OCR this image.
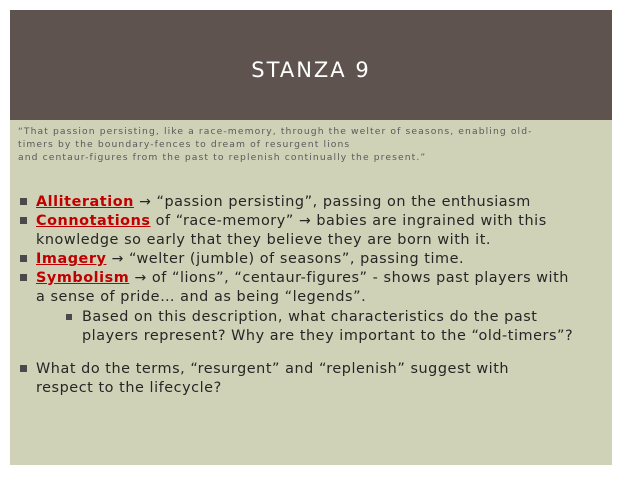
STANZA 9
“That passion persisting, like a race-memory, through the welter of seasons, enabling old-
timers by the boundary-fences to dream of resurgent lions
and centaur-figures from the past to replenish continually the present.”
Alliteration → “passion persisting”, passing on the enthusiasm
Connotations of “race-memory” → babies are ingrained with this
knowledge so early that they believe they are born with it.
Imagery → “welter (jumble) of seasons”, passing time.
Symbolism → of “lions”, “centaur-figures” - shows past players with
a sense of pride… and as being “legends”.
Based on this description, what characteristics do the past
players represent? Why are they important to the “old-timers”?
What do the terms, “resurgent” and “replenish” suggest with
respect to the lifecycle?
